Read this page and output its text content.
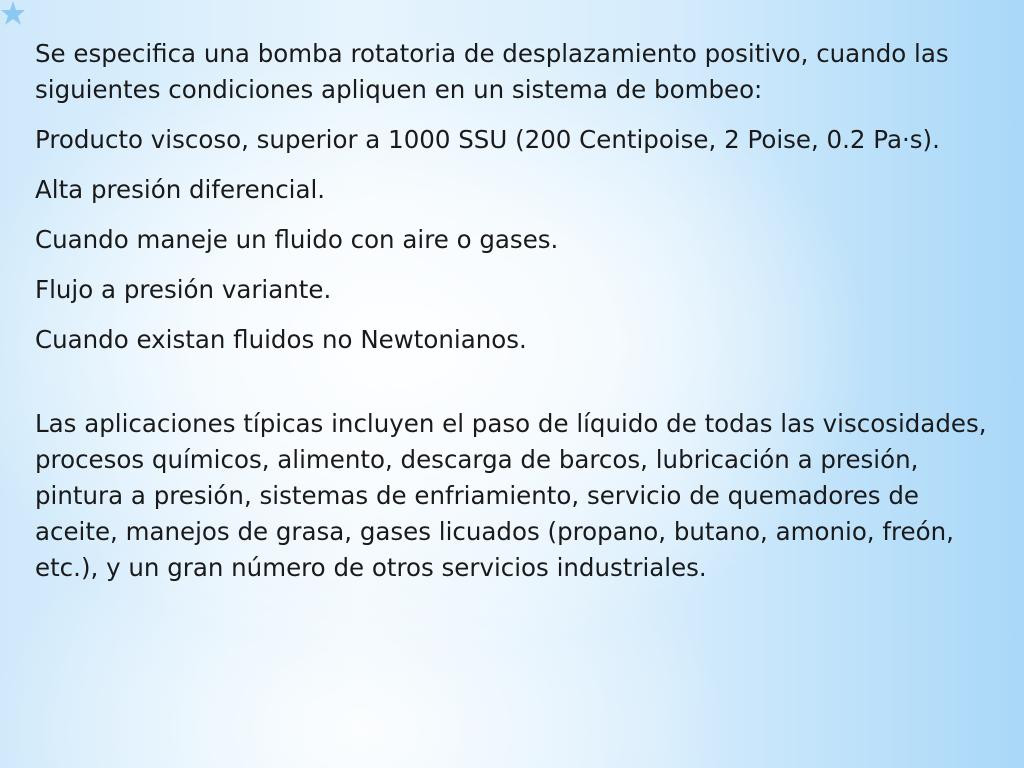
Se especifica una bomba rotatoria de desplazamiento positivo, cuando las siguientes condiciones apliquen en un sistema de bombeo:

Producto viscoso, superior a 1000 SSU (200 Centipoise, 2 Poise, 0.2 Pa·s).

Alta presión diferencial.

Cuando maneje un fluido con aire o gases.

Flujo a presión variante.

Cuando existan fluidos no Newtonianos.

Las aplicaciones típicas incluyen el paso de líquido de todas las viscosidades, procesos químicos, alimento, descarga de barcos, lubricación a presión, pintura a presión, sistemas de enfriamiento, servicio de quemadores de aceite, manejos de grasa, gases licuados (propano, butano, amonio, freón, etc.), y un gran número de otros servicios industriales.
